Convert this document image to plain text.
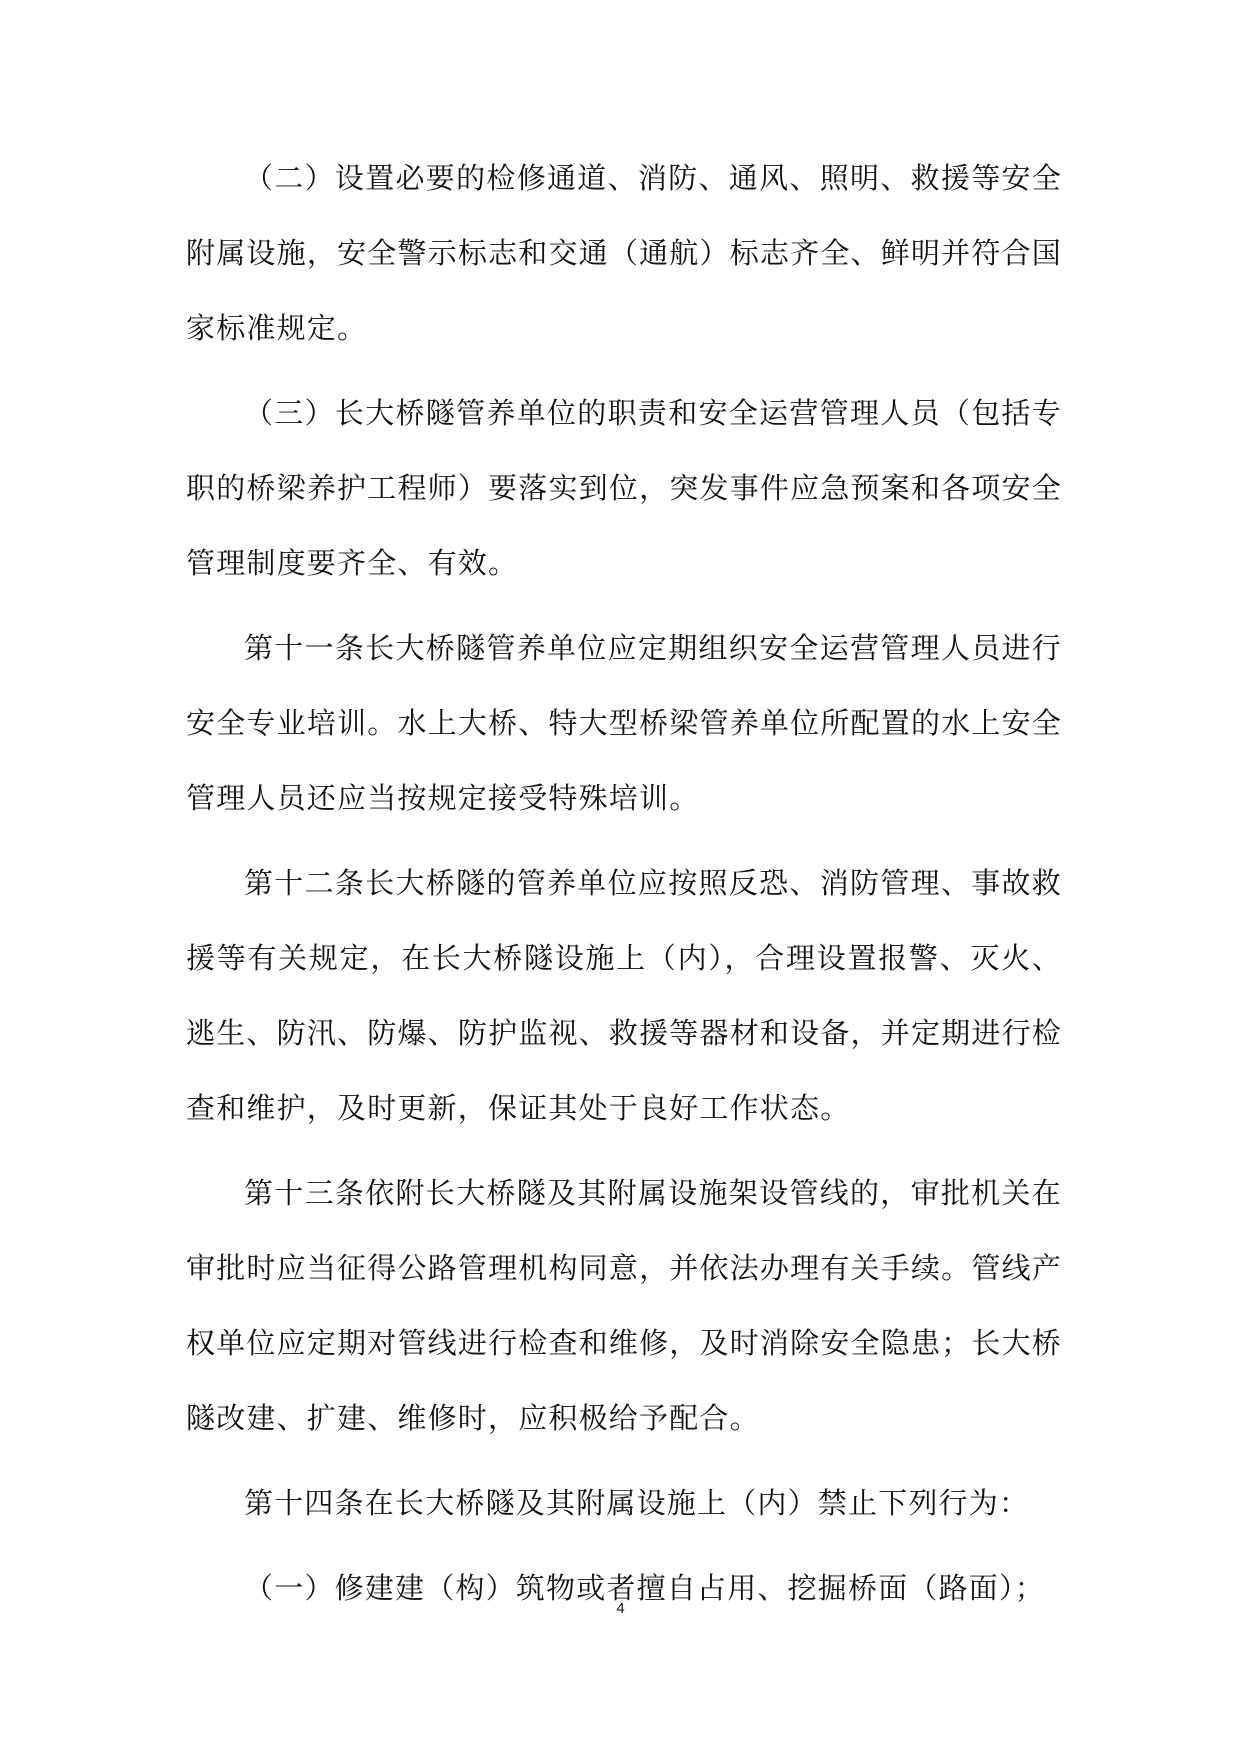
（二）设置必要的检修通道、消防、通风、照明、救援等安全附属设施，安全警示标志和交通（通航）标志齐全、鲜明并符合国家标准规定。

（三）长大桥隧管养单位的职责和安全运营管理人员（包括专职的桥梁养护工程师）要落实到位，突发事件应急预案和各项安全管理制度要齐全、有效。

第十一条长大桥隧管养单位应定期组织安全运营管理人员进行安全专业培训。水上大桥、特大型桥梁管养单位所配置的水上安全管理人员还应当按规定接受特殊培训。

第十二条长大桥隧的管养单位应按照反恐、消防管理、事故救援等有关规定，在长大桥隧设施上（内），合理设置报警、灭火、逃生、防汛、防爆、防护监视、救援等器材和设备，并定期进行检查和维护，及时更新，保证其处于良好工作状态。

第十三条依附长大桥隧及其附属设施架设管线的，审批机关在审批时应当征得公路管理机构同意，并依法办理有关手续。管线产权单位应定期对管线进行检查和维修，及时消除安全隐患；长大桥隧改建、扩建、维修时，应积极给予配合。

第十四条在长大桥隧及其附属设施上（内）禁止下列行为：

（一）修建建（构）筑物或者擅自占用、挖掘桥面（路面）；

4
